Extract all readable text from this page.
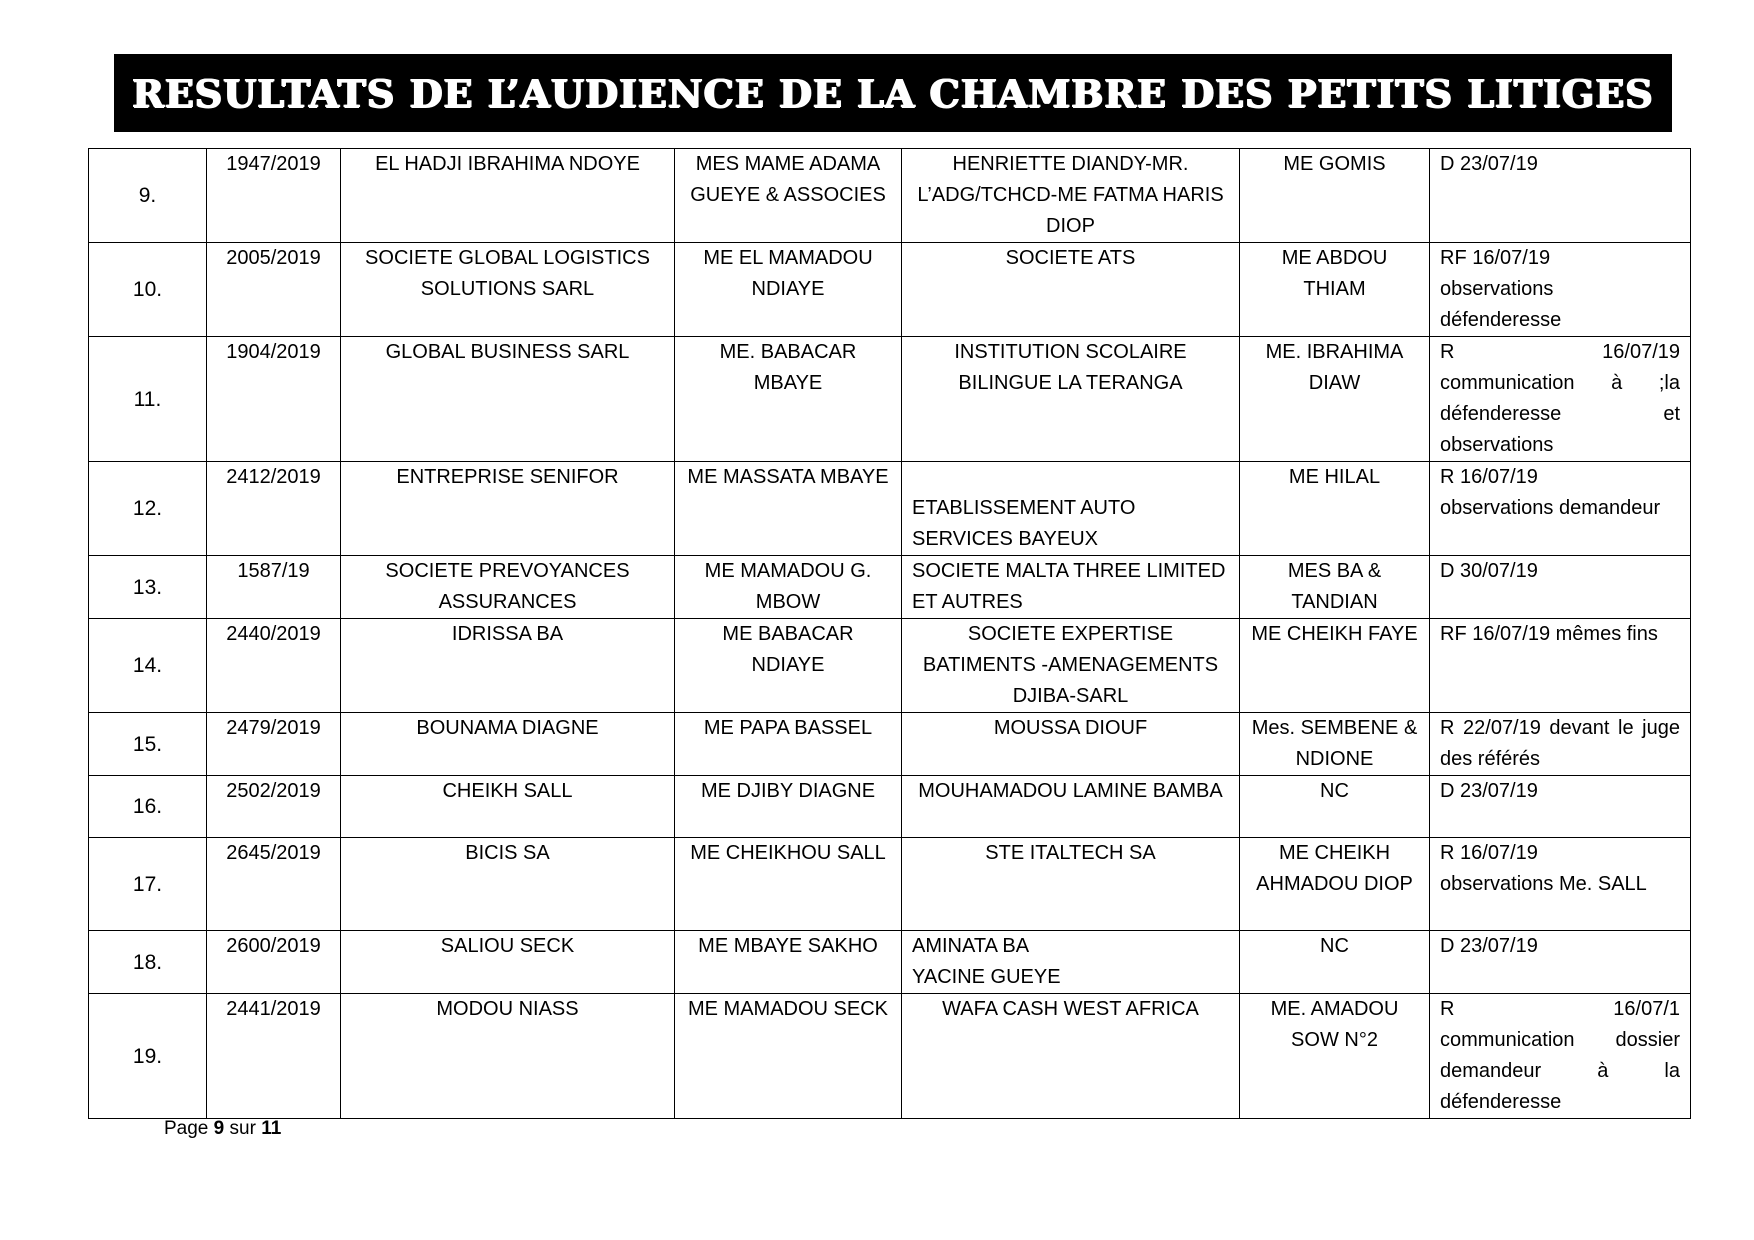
RESULTATS DE L’AUDIENCE DE LA CHAMBRE DES PETITS LITIGES
9.	1947/2019	EL HADJI IBRAHIMA NDOYE	MES MAME ADAMA GUEYE & ASSOCIES	HENRIETTE DIANDY-MR. L’ADG/TCHCD-ME FATMA HARIS DIOP	ME GOMIS	D 23/07/19
10.	2005/2019	SOCIETE GLOBAL LOGISTICS SOLUTIONS SARL	ME EL MAMADOU NDIAYE	SOCIETE ATS	ME ABDOU THIAM	RF 16/07/19
observations défenderesse

11.	1904/2019	GLOBAL BUSINESS SARL	ME. BABACAR MBAYE	INSTITUTION SCOLAIRE BILINGUE LA TERANGA	ME. IBRAHIMA DIAW	R 16/07/19
communication à ;la défenderesse et observations

12.	2412/2019	ENTREPRISE SENIFOR	ME MASSATA MBAYE	ETABLISSEMENT AUTO SERVICES BAYEUX	ME HILAL	R 16/07/19
observations demandeur

13.	1587/19	SOCIETE PREVOYANCES ASSURANCES	ME MAMADOU G. MBOW	SOCIETE MALTA THREE LIMITED ET AUTRES	MES BA & TANDIAN	D 30/07/19
14.	2440/2019	IDRISSA BA	ME BABACAR NDIAYE	SOCIETE EXPERTISE BATIMENTS -AMENAGEMENTS DJIBA-SARL	ME CHEIKH FAYE	RF 16/07/19 mêmes fins
15.	2479/2019	BOUNAMA DIAGNE	ME PAPA BASSEL	MOUSSA DIOUF	Mes. SEMBENE & NDIONE	R 22/07/19 devant le juge des référés
16.	2502/2019	CHEIKH SALL	ME DJIBY DIAGNE	MOUHAMADOU LAMINE BAMBA	NC	D 23/07/19
17.	2645/2019	BICIS SA	ME CHEIKHOU SALL	STE ITALTECH SA	ME CHEIKH AHMADOU DIOP	R 16/07/19
observations Me. SALL

18.	2600/2019	SALIOU SECK	ME MBAYE SAKHO	AMINATA BA
YACINE GUEYE	NC	D 23/07/19
19.	2441/2019	MODOU NIASS	ME MAMADOU SECK	WAFA CASH WEST AFRICA	ME. AMADOU SOW N°2	R 16/07/1
communication dossier demandeur à la défenderesse
Page 9 sur 11
